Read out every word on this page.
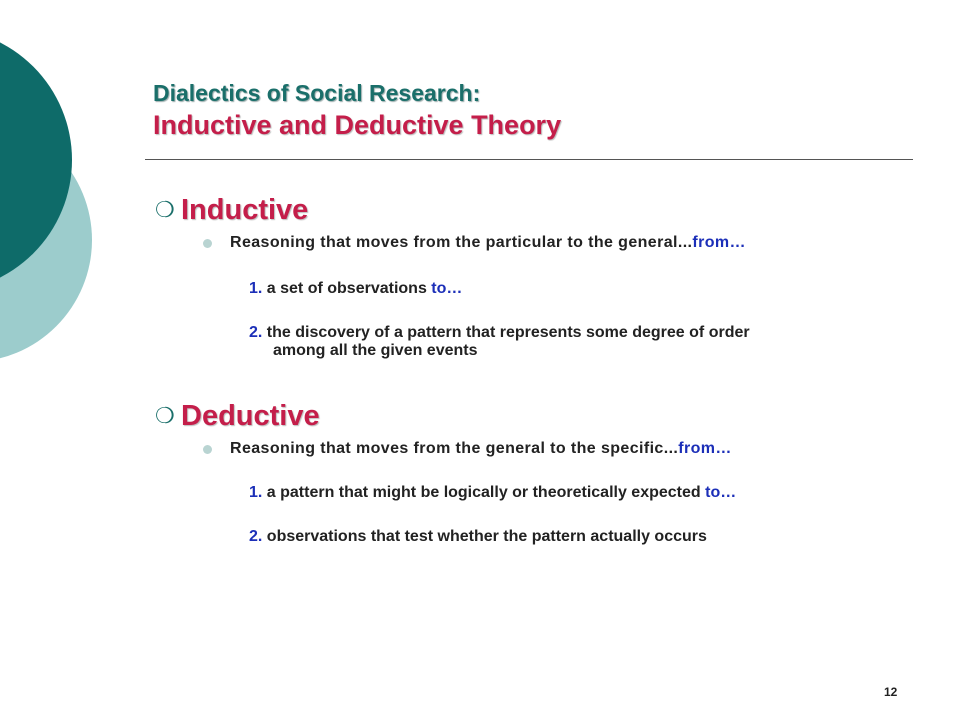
Dialectics of Social Research:
Inductive and Deductive Theory
❍ Inductive
Reasoning that moves from the particular to the general... from…
1. a set of observations to…
2. the discovery of a pattern that represents some degree of order
among all the given events
❍ Deductive
Reasoning that moves from the general to the specific... from…
1. a pattern that might be logically or theoretically expected to…
2. observations that test whether the pattern actually occurs
12
